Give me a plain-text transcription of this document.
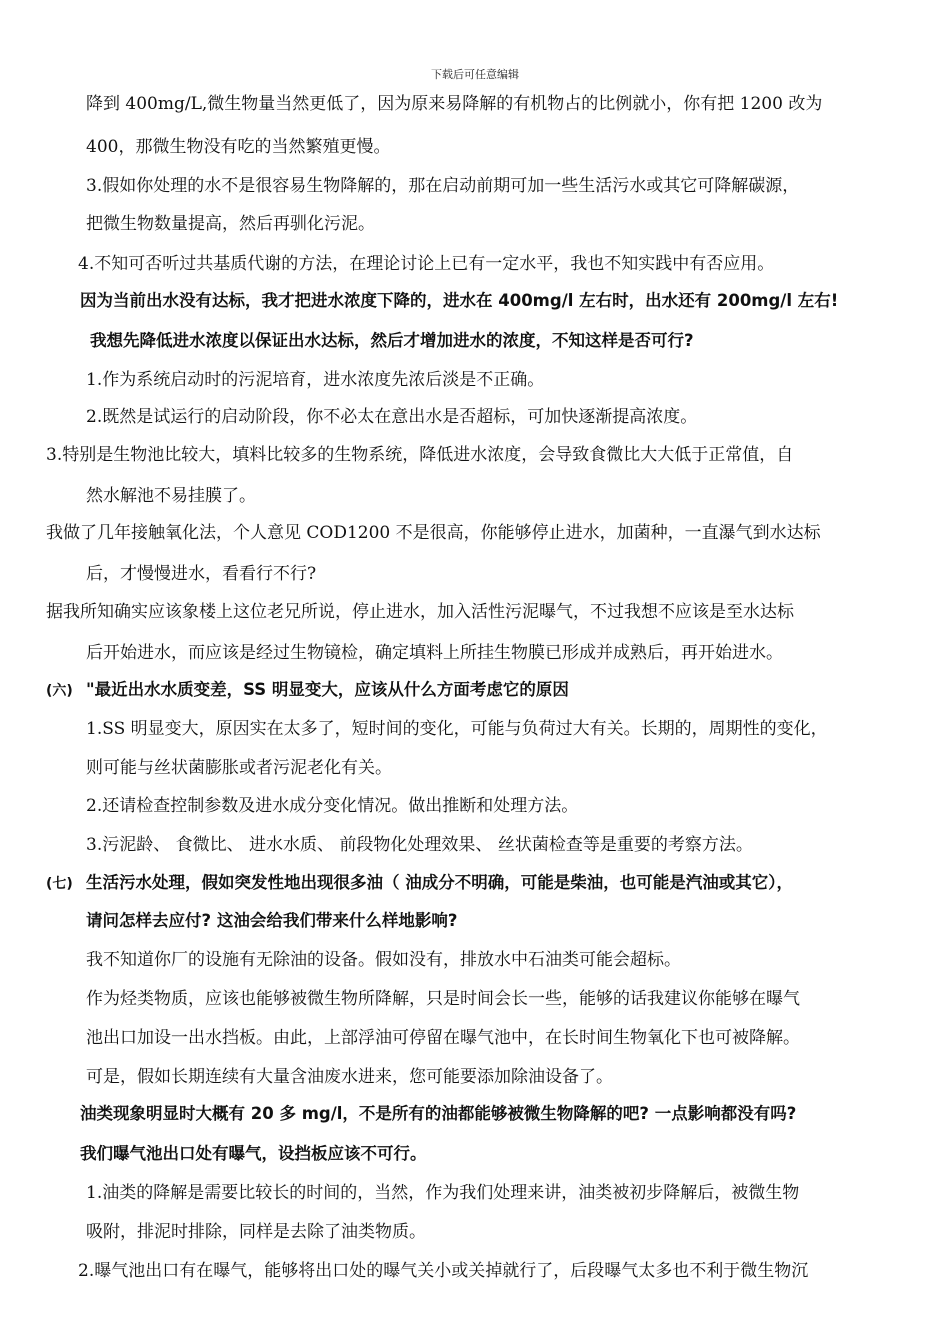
下载后可任意编辑
降到 400mg/L,微生物量当然更低了，因为原来易降解的有机物占的比例就小，你有把 1200 改为
400，那微生物没有吃的当然繁殖更慢。
3.假如你处理的水不是很容易生物降解的，那在启动前期可加一些生活污水或其它可降解碳源，
把微生物数量提高，然后再驯化污泥。
4.不知可否听过共基质代谢的方法，在理论讨论上已有一定水平，我也不知实践中有否应用。
因为当前出水没有达标，我才把进水浓度下降的，进水在 400mg/l 左右时，出水还有 200mg/l 左右!
我想先降低进水浓度以保证出水达标，然后才增加进水的浓度，不知这样是否可行?
1.作为系统启动时的污泥培育，进水浓度先浓后淡是不正确。
2.既然是试运行的启动阶段，你不必太在意出水是否超标，可加快逐渐提高浓度。
3.特别是生物池比较大，填料比较多的生物系统，降低进水浓度，会导致食微比大大低于正常值，自
然水解池不易挂膜了。
我做了几年接触氧化法，个人意见 COD1200 不是很高，你能够停止进水，加菌种，一直瀑气到水达标
后，才慢慢进水，看看行不行?
据我所知确实应该象楼上这位老兄所说，停止进水，加入活性污泥曝气，不过我想不应该是至水达标
后开始进水，而应该是经过生物镜检，确定填料上所挂生物膜已形成并成熟后，再开始进水。
(六) "最近出水水质变差，SS 明显变大，应该从什么方面考虑它的原因
1.SS 明显变大，原因实在太多了，短时间的变化，可能与负荷过大有关。长期的，周期性的变化，
则可能与丝状菌膨胀或者污泥老化有关。
2.还请检查控制参数及进水成分变化情况。做出推断和处理方法。
3.污泥龄、 食微比、 进水水质、 前段物化处理效果、 丝状菌检查等是重要的考察方法。
(七) 生活污水处理，假如突发性地出现很多油（ 油成分不明确，可能是柴油，也可能是汽油或其它），
请问怎样去应付? 这油会给我们带来什么样地影响?
我不知道你厂的设施有无除油的设备。假如没有，排放水中石油类可能会超标。
作为烃类物质，应该也能够被微生物所降解，只是时间会长一些，能够的话我建议你能够在曝气
池出口加设一出水挡板。由此，上部浮油可停留在曝气池中，在长时间生物氧化下也可被降解。
可是，假如长期连续有大量含油废水进来，您可能要添加除油设备了。
油类现象明显时大概有 20 多 mg/l，不是所有的油都能够被微生物降解的吧? 一点影响都没有吗?
我们曝气池出口处有曝气，设挡板应该不可行。
1.油类的降解是需要比较长的时间的，当然，作为我们处理来讲，油类被初步降解后，被微生物
吸附，排泥时排除，同样是去除了油类物质。
2.曝气池出口有在曝气，能够将出口处的曝气关小或关掉就行了，后段曝气太多也不利于微生物沉
